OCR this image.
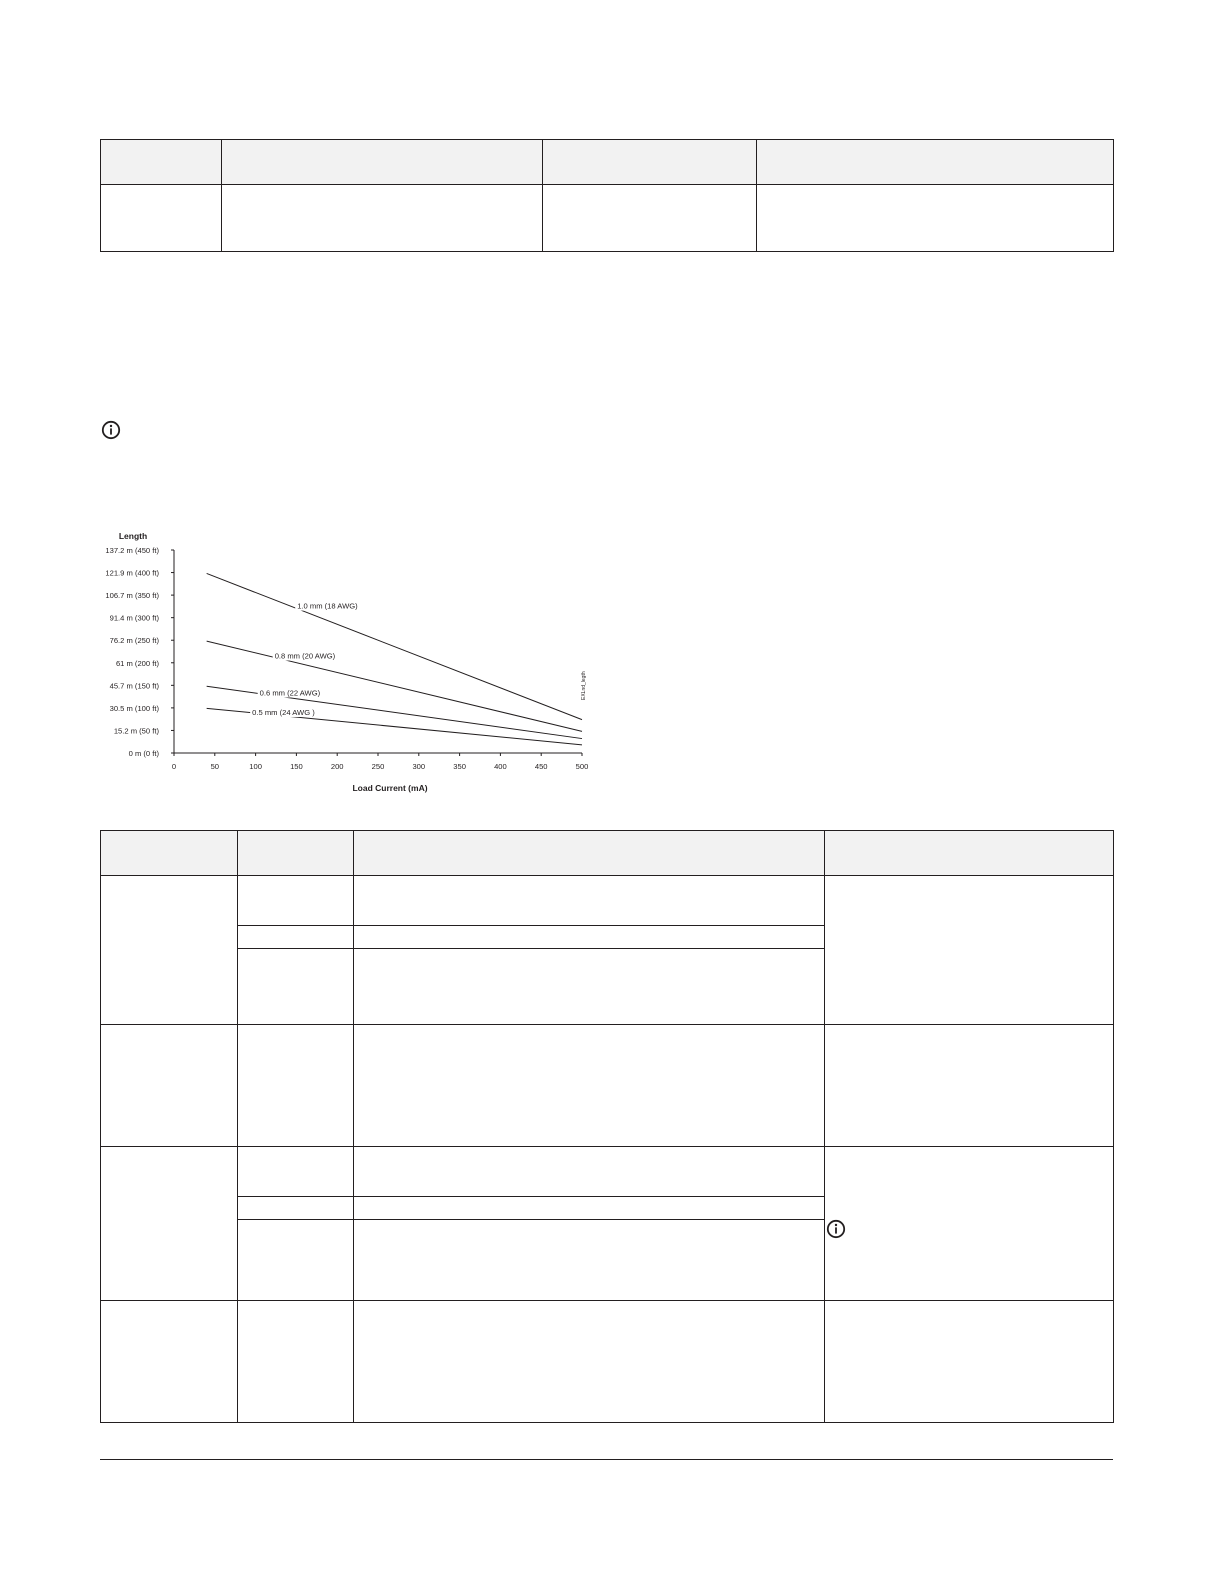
Length
Load Current (mA)
EXLnd_legth
0 m (0 ft)
15.2 m (50 ft)
30.5 m (100 ft)
45.7 m (150 ft)
61 m (200 ft)
76.2 m (250 ft)
91.4 m (300 ft)
106.7 m (350 ft)
121.9 m (400 ft)
137.2 m (450 ft)
0	50	100	150	200	250	300	350	400	450	500
1.0 mm (18 AWG)
0.8 mm (20 AWG)
0.6 mm (22 AWG)
0.5 mm (24 AWG )
